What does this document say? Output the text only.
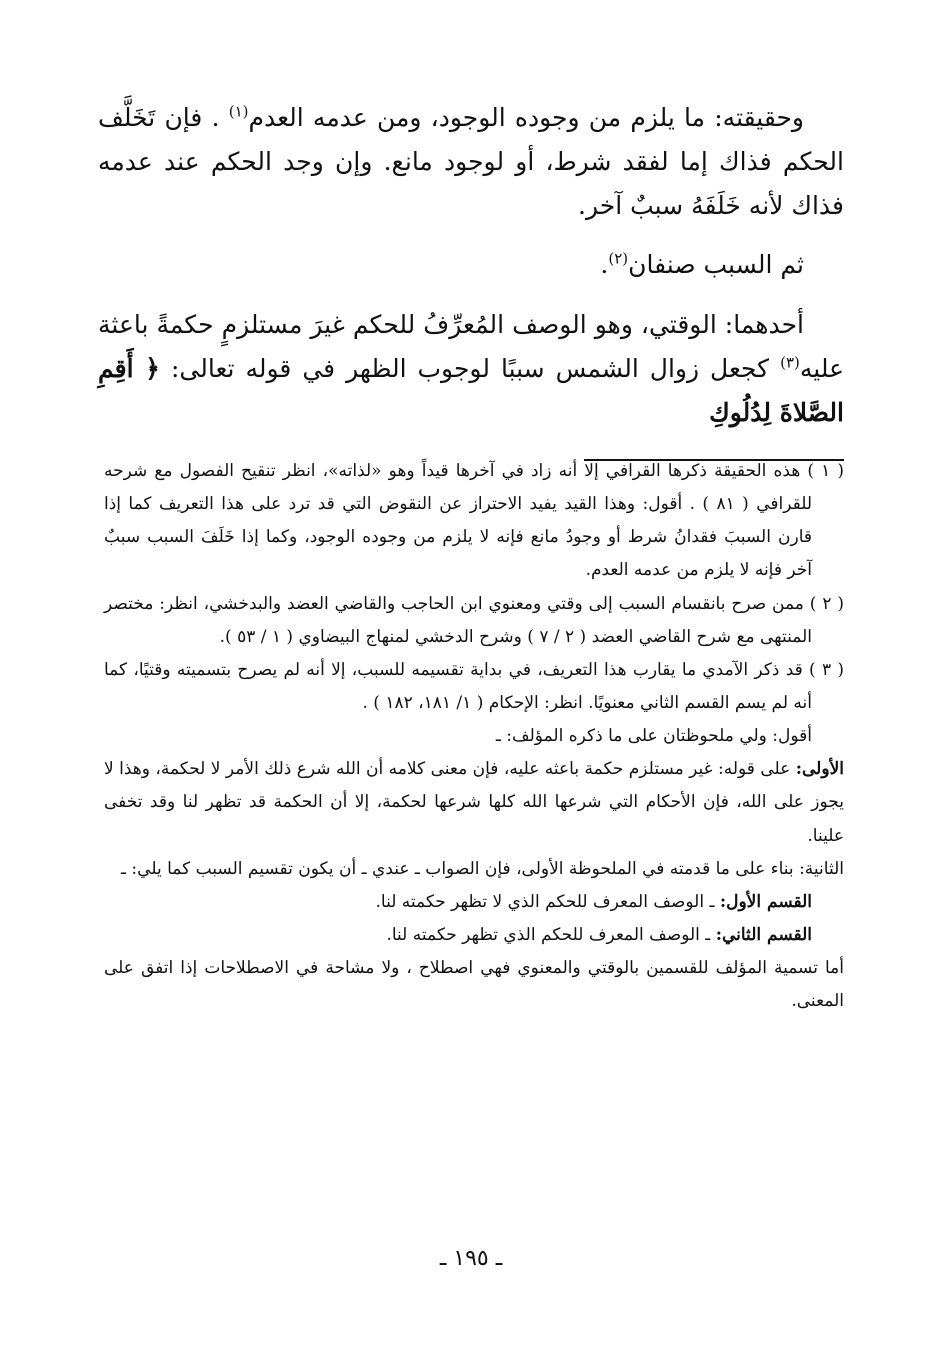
وحقيقته: ما يلزم من وجوده الوجود، ومن عدمه العدم$^{(١)}$ . فإن تَخَلَّف الحكم فذاك إما لفقد شرط، أو لوجود مانع. وإن وجد الحكم عند عدمه فذاك لأنه خَلَفَهُ سببٌ آخر.

ثم السبب صنفان$^{(٢)}$.

أحدهما: الوقتي، وهو الوصف المُعرِّفُ للحكم غيرَ مستلزمٍ حكمةً باعثة عليه$^{(٣)}$ كجعل زوال الشمس سببًا لوجوب الظهر في قوله تعالى: ﴿ أَقِمِ الصَّلاةَ لِدُلُوكِ

( ١ ) هذه الحقيقة ذكرها القرافي إلا أنه زاد في آخرها قيداً وهو «لذاته»، انظر تنقيح الفصول مع شرحه للقرافي ( ٨١ ) . أقول: وهذا القيد يفيد الاحتراز عن النقوض التي قد ترد على هذا التعريف كما إذا قارن السببَ فقدانُ شرط أو وجودُ مانع فإنه لا يلزم من وجوده الوجود، وكما إذا خَلَفَ السبب سببٌ آخر فإنه لا يلزم من عدمه العدم.

( ٢ ) ممن صرح بانقسام السبب إلى وقتي ومعنوي ابن الحاجب والقاضي العضد والبدخشي، انظر: مختصر المنتهى مع شرح القاضي العضد ( ٢ / ٧ ) وشرح الدخشي لمنهاج البيضاوي ( ١ / ٥٣ ).

( ٣ ) قد ذكر الآمدي ما يقارب هذا التعريف، في بداية تقسيمه للسبب، إلا أنه لم يصرح بتسميته وقتيًا، كما أنه لم يسم القسم الثاني معنويًا. انظر: الإحكام ( ١/ ١٨١، ١٨٢ ) .

أقول: ولي ملحوظتان على ما ذكره المؤلف: ـ

الأولى: على قوله: غير مستلزم حكمة باعثه عليه، فإن معنى كلامه أن الله شرع ذلك الأمر لا لحكمة، وهذا لا يجوز على الله، فإن الأحكام التي شرعها الله كلها شرعها لحكمة، إلا أن الحكمة قد تظهر لنا وقد تخفى علينا.

الثانية: بناء على ما قدمته في الملحوظة الأولى، فإن الصواب ـ عندي ـ أن يكون تقسيم السبب كما يلي: ـ

القسم الأول: ـ الوصف المعرف للحكم الذي لا تظهر حكمته لنا.

القسم الثاني: ـ الوصف المعرف للحكم الذي تظهر حكمته لنا.

أما تسمية المؤلف للقسمين بالوقتي والمعنوي فهي اصطلاح ، ولا مشاحة في الاصطلاحات إذا اتفق على المعنى.

ـ ١٩٥ ـ
